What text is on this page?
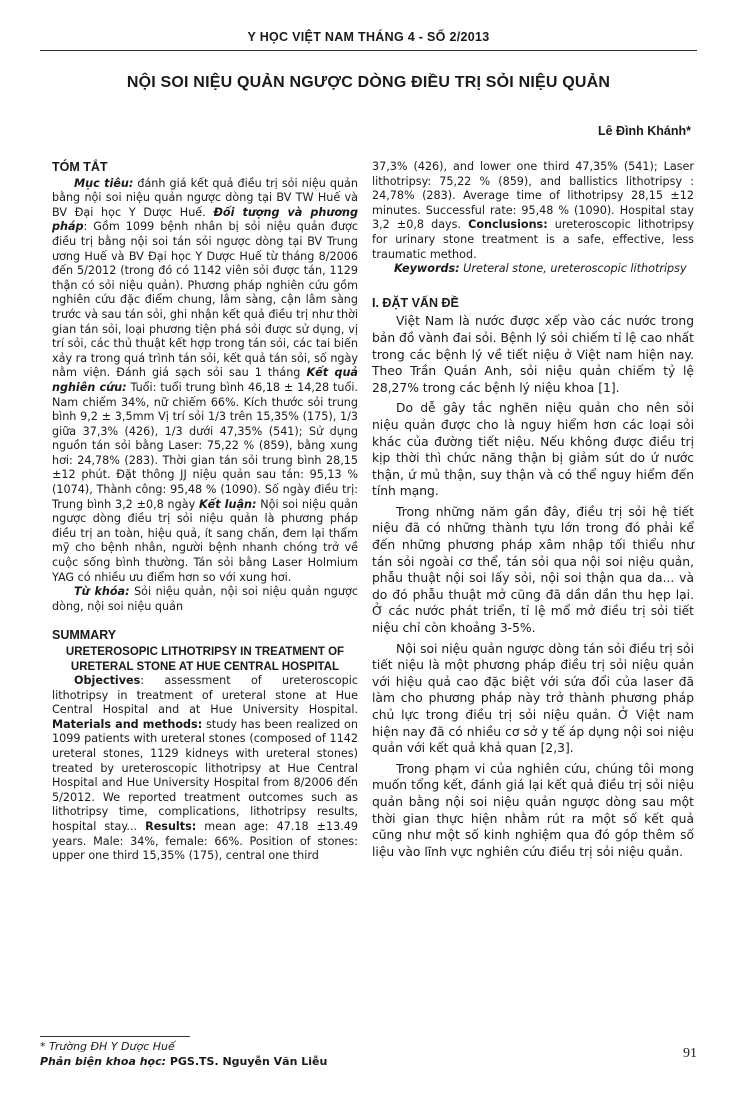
Y HỌC VIỆT NAM THÁNG 4 - SỐ 2/2013
NỘI SOI NIỆU QUẢN NGƯỢC DÒNG ĐIỀU TRỊ SỎI NIỆU QUẢN
Lê Đình Khánh*
TÓM TẮT

Mục tiêu: đánh giá kết quả điều trị sỏi niệu quản bằng nội soi niệu quản ngược dòng tại BV TW Huế và BV Đại học Y Dược Huế. Đối tượng và phương pháp: Gồm 1099 bệnh nhân bị sỏi niệu quản được điều trị bằng nội soi tán sỏi ngược dòng tại BV Trung ương Huế và BV Đại học Y Dược Huế từ tháng 8/2006 đến 5/2012 (trong đó có 1142 viên sỏi được tán, 1129 thận có sỏi niệu quản). Phương pháp nghiên cứu gồm nghiên cứu đặc điểm chung, lâm sàng, cận lâm sàng trước và sau tán sỏi, ghi nhận kết quả điều trị như thời gian tán sỏi, loại phương tiện phá sỏi được sử dụng, vị trí sỏi, các thủ thuật kết hợp trong tán sỏi, các tai biến xảy ra trong quá trình tán sỏi, kết quả tán sỏi, số ngày nằm viện. Đánh giá sạch sỏi sau 1 tháng Kết quả nghiên cứu: Tuổi: tuổi trung bình 46,18 ± 14,28 tuổi. Nam chiếm 34%, nữ chiếm 66%. Kích thước sỏi trung bình 9,2 ± 3,5mm Vị trí sỏi 1/3 trên 15,35% (175), 1/3 giữa 37,3% (426), 1/3 dưới 47,35% (541); Sử dụng nguồn tán sỏi bằng Laser: 75,22 % (859), bằng xung hơi: 24,78% (283). Thời gian tán sỏi trung bình 28,15 ±12 phút. Đặt thông JJ niệu quản sau tán: 95,13 % (1074), Thành công: 95,48 % (1090). Số ngày điều trị: Trung bình 3,2 ±0,8 ngày Kết luận: Nội soi niệu quản ngược dòng điều trị sỏi niệu quản là phương pháp điều trị an toàn, hiệu quả, ít sang chấn, đem lại thẩm mỹ cho bệnh nhân, người bệnh nhanh chóng trở về cuộc sống bình thường. Tán sỏi bằng Laser Holmium YAG có nhiều ưu điểm hơn so với xung hơi.

Từ khóa: Sỏi niệu quản, nội soi niệu quản ngược dòng, nội soi niệu quản

SUMMARY
URETEROSOPIC LITHOTRIPSY IN TREATMENT OF URETERAL STONE AT HUE CENTRAL HOSPITAL

Objectives: assessment of ureteroscopic lithotripsy in treatment of ureteral stone at Hue Central Hospital and at Hue University Hospital. Materials and methods: study has been realized on 1099 patients with ureteral stones (composed of 1142 ureteral stones, 1129 kidneys with ureteral stones) treated by ureteroscopic lithotripsy at Hue Central Hospital and Hue University Hospital from 8/2006 đến 5/2012. We reported treatment outcomes such as lithotripsy time, complications, lithotripsy results, hospital stay... Results: mean age: 47.18 ±13.49 years. Male: 34%, female: 66%. Position of stones: upper one third 15,35% (175), central one third

37,3% (426), and lower one third 47,35% (541); Laser lithotripsy: 75,22 % (859), and ballistics lithotripsy : 24,78% (283). Average time of lithotripsy 28,15 ±12 minutes. Successful rate: 95,48 % (1090). Hospital stay 3,2 ±0,8 days. Conclusions: ureteroscopic lithotripsy for urinary stone treatment is a safe, effective, less traumatic method.

Keywords: Ureteral stone, ureteroscopic lithotripsy

I. ĐẶT VẤN ĐỀ

Việt Nam là nước được xếp vào các nước trong bản đồ vành đai sỏi. Bệnh lý sỏi chiếm tỉ lệ cao nhất trong các bệnh lý về tiết niệu ở Việt nam hiện nay. Theo Trần Quán Anh, sỏi niệu quản chiếm tỷ lệ 28,27% trong các bệnh lý niệu khoa [1].

Do dễ gây tắc nghẽn niệu quản cho nên sỏi niệu quản được cho là nguy hiểm hơn các loại sỏi khác của đường tiết niệu. Nếu không được điều trị kịp thời thì chức năng thận bị giảm sút do ứ nước thận, ứ mủ thận, suy thận và có thể nguy hiểm đến tính mạng.

Trong những năm gần đây, điều trị sỏi hệ tiết niệu đã có những thành tựu lớn trong đó phải kể đến những phương pháp xâm nhập tối thiểu như tán sỏi ngoài cơ thể, tán sỏi qua nội soi niệu quản, phẫu thuật nội soi lấy sỏi, nội soi thận qua da... và do đó phẫu thuật mở cũng đã dần dần thu hẹp lại. Ở các nước phát triển, tỉ lệ mổ mở điều trị sỏi tiết niệu chỉ còn khoảng 3-5%.

Nội soi niệu quản ngược dòng tán sỏi điều trị sỏi tiết niệu là một phương pháp điều trị sỏi niệu quản với hiệu quả cao đặc biệt với sứa đổi của laser đã làm cho phương pháp này trở thành phương pháp chủ lực trong điều trị sỏi niệu quản. Ở Việt nam hiện nay đã có nhiều cơ sở y tế áp dụng nội soi niệu quản với kết quả khả quan [2,3].

Trong phạm vi của nghiên cứu, chúng tôi mong muốn tổng kết, đánh giá lại kết quả điều trị sỏi niệu quản bằng nội soi niệu quản ngược dòng sau một thời gian thực hiện nhằm rút ra một số kết quả cũng như một số kinh nghiệm qua đó góp thêm số liệu vào lĩnh vực nghiên cứu điều trị sỏi niệu quản.

* Trường ĐH Y Dược Huế
Phản biện khoa học: PGS.TS. Nguyễn Văn Liễu	91
